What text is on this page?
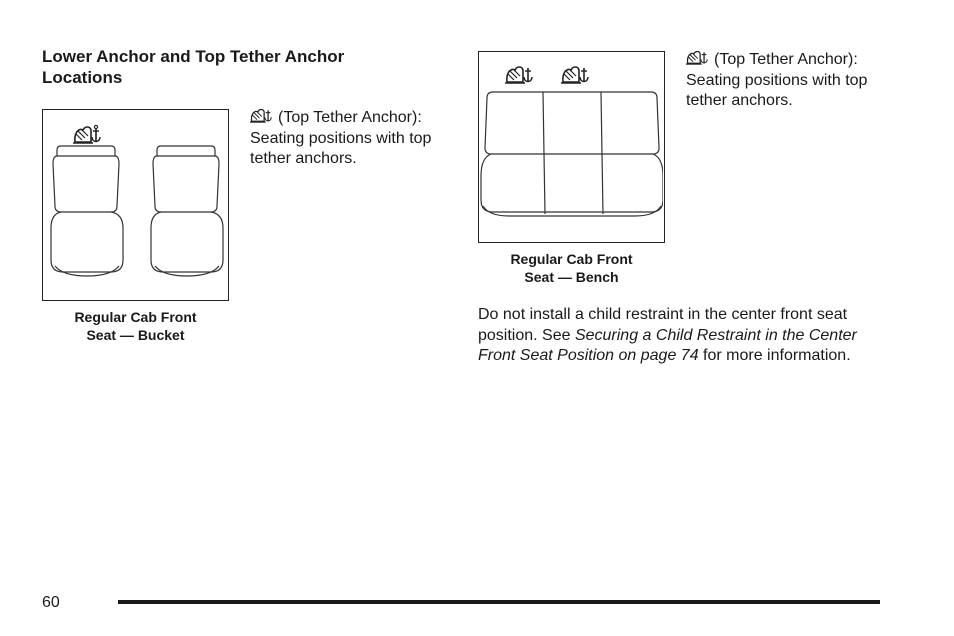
Lower Anchor and Top Tether Anchor Locations
Regular Cab Front
Seat — Bucket
(Top Tether Anchor): Seating positions with top tether anchors.
Regular Cab Front
Seat — Bench
(Top Tether Anchor): Seating positions with top tether anchors.
Do not install a child restraint in the center front seat position. See Securing a Child Restraint in the Center Front Seat Position on page 74 for more information.
60
